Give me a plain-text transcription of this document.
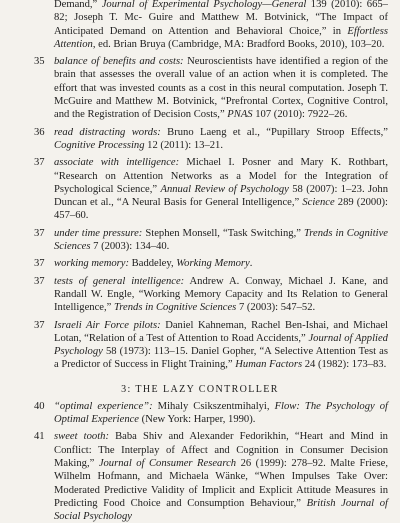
Demand,” Journal of Experimental Psychology—General 139 (2010): 665–82; Joseph T. Mc- Guire and Matthew M. Botvinick, “The Impact of Anticipated Demand on Attention and Behavioral Choice,” in Effortless Attention, ed. Brian Bruya (Cambridge, MA: Bradford Books, 2010), 103–20.
35 balance of benefits and costs: Neuroscientists have identified a region of the brain that assesses the overall value of an action when it is completed. The effort that was invested counts as a cost in this neural computation. Joseph T. McGuire and Matthew M. Botvinick, “Prefrontal Cortex, Cognitive Control, and the Registration of Decision Costs,” PNAS 107 (2010): 7922–26.
36 read distracting words: Bruno Laeng et al., “Pupillary Stroop Effects,” Cognitive Processing 12 (2011): 13–21.
37 associate with intelligence: Michael I. Posner and Mary K. Rothbart, “Research on Attention Networks as a Model for the Integration of Psychological Science,” Annual Review of Psychology 58 (2007): 1–23. John Duncan et al., “A Neural Basis for General Intelligence,” Science 289 (2000): 457–60.
37 under time pressure: Stephen Monsell, “Task Switching,” Trends in Cognitive Sciences 7 (2003): 134–40.
37 working memory: Baddeley, Working Memory.
37 tests of general intelligence: Andrew A. Conway, Michael J. Kane, and Randall W. Engle, “Working Memory Capacity and Its Relation to General Intelligence,” Trends in Cognitive Sciences 7 (2003): 547–52.
37 Israeli Air Force pilots: Daniel Kahneman, Rachel Ben-Ishai, and Michael Lotan, “Relation of a Test of Attention to Road Accidents,” Journal of Applied Psychology 58 (1973): 113–15. Daniel Gopher, “A Selective Attention Test as a Predictor of Success in Flight Training,” Human Factors 24 (1982): 173–83.
3: THE LAZY CONTROLLER
40 “optimal experience”: Mihaly Csikszentmihalyi, Flow: The Psychology of Optimal Experience (New York: Harper, 1990).
41 sweet tooth: Baba Shiv and Alexander Fedorikhin, “Heart and Mind in Conflict: The Interplay of Affect and Cognition in Consumer Decision Making,” Journal of Consumer Research 26 (1999): 278–92. Malte Friese, Wilhelm Hofmann, and Michaela Wänke, “When Impulses Take Over: Moderated Predictive Validity of Implicit and Explicit Attitude Measures in Predicting Food Choice and Consumption Behaviour,” British Journal of Social Psychology
